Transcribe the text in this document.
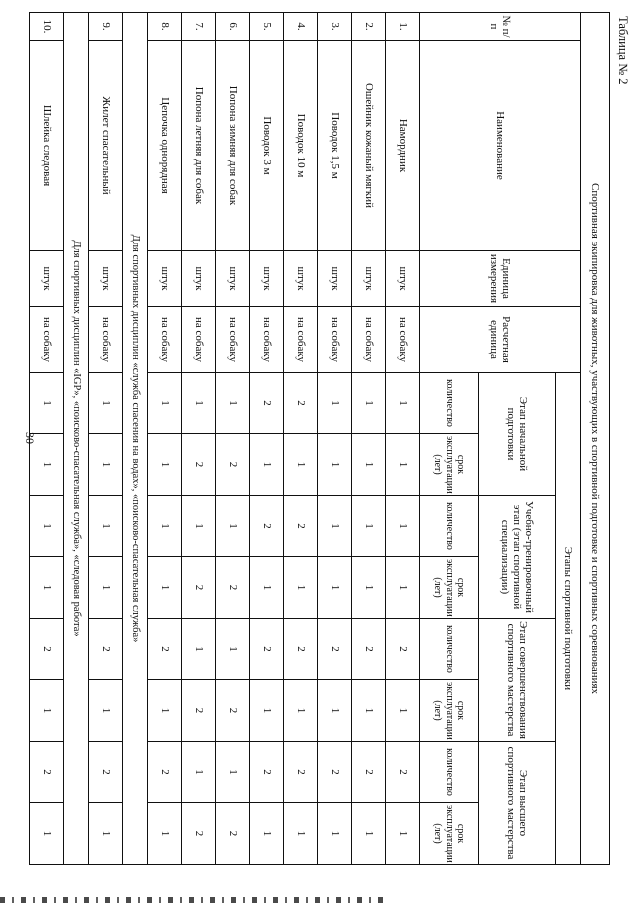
Таблица № 2
Спортивная экипировка для животных, участвующих в спортивной подготовке и спортивных соревнованиях											
№ п/п	Наименование	Единица измерения	Расчетная единица	Этапы спортивной подготовки							
				Этап начальной подготовки		Учебно-тренировочный этап (этап спортивной специализации)		Этап совершенствования спортивного мастерства		Этап высшего спортивного мастерства	
				количество	срок эксплуатации (лет)	количество	срок эксплуатации (лет)	количество	срок эксплуатации (лет)	количество	срок эксплуатации (лет)
1.	Намордник	штук	на собаку	1	1	1	1	2	1	2	1
2.	Ошейник кожаный мягкий	штук	на собаку	1	1	1	1	2	1	2	1
3.	Поводок 1,5 м	штук	на собаку	1	1	1	1	2	1	2	1
4.	Поводок 10 м	штук	на собаку	2	1	2	1	2	1	2	1
5.	Поводок 3 м	штук	на собаку	2	1	2	1	2	1	2	1
6.	Попона зимняя для собак	штук	на собаку	1	2	1	2	1	2	1	2
7.	Попона летняя для собак	штук	на собаку	1	2	1	2	1	2	1	2
8.	Цепочка однорядная	штук	на собаку	1	1	1	1	2	1	2	1
Для спортивных дисциплин «служба спасения на водах», «поисково-спасательная служба»											
9.	Жилет спасательный	штук	на собаку	1	1	1	1	2	1	2	1
Для спортивных дисциплин «IGP», «поисково-спасательная служба», «следовая работа»											
10.	Шлейка следовая	штук	на собаку	1	1	1	1	2	1	2	1
30
